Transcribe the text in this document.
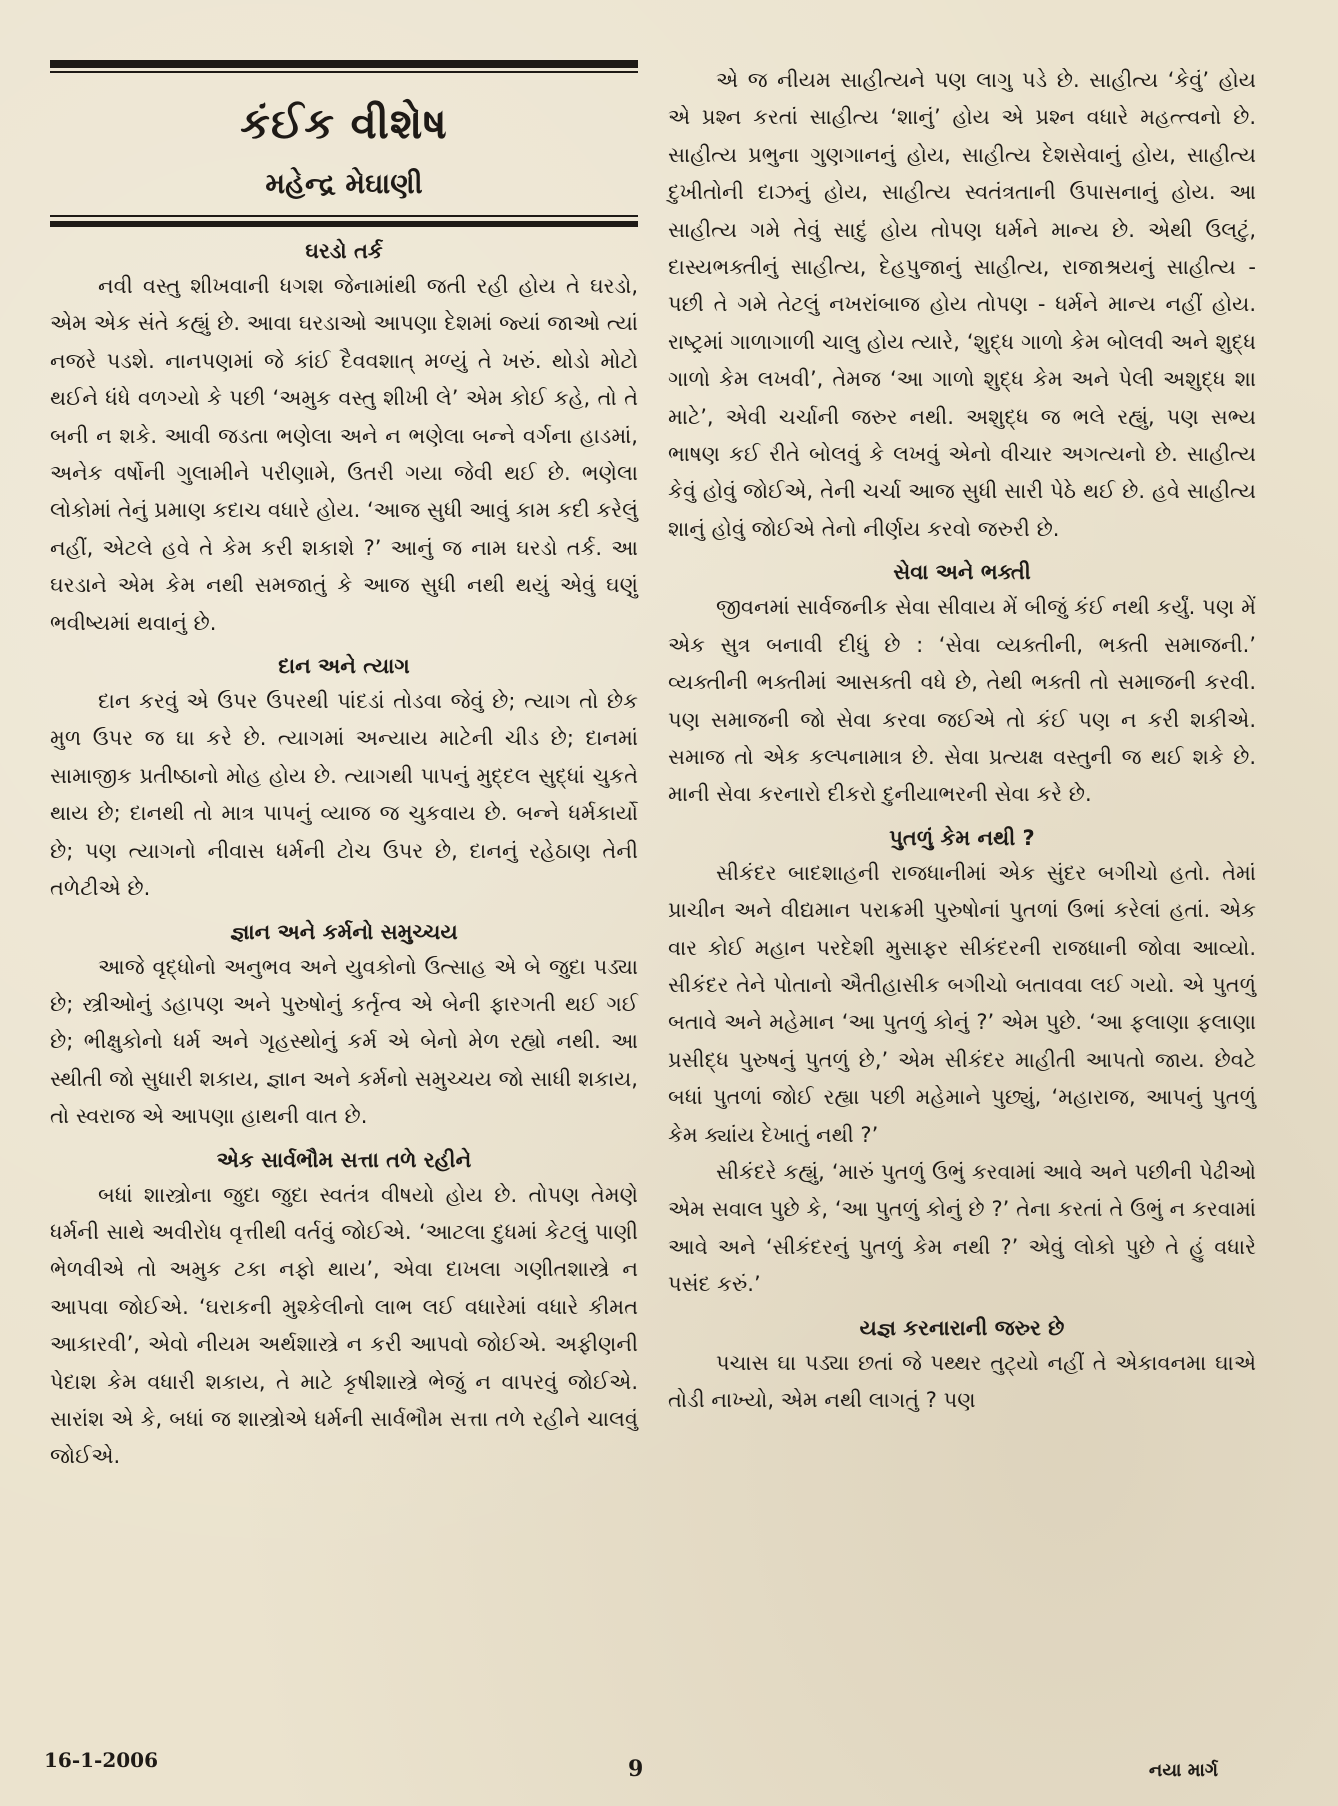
કંઈક વીશેષ
મહેન્દ્ર મેઘાણી
ઘરડો તર્ક

નવી વસ્તુ શીખવાની ધગશ જેનામાંથી જતી રહી હોય તે ઘરડો, એમ એક સંતે કહ્યું છે. આવા ઘરડાઓ આપણા દેશમાં જ્યાં જાઓ ત્યાં નજરે પડશે. નાનપણમાં જે કાંઈ દૈવવશાત્ મળ્યું તે ખરું. થોડો મોટો થઈને ધંધે વળગ્યો કે પછી ‘અમુક વસ્તુ શીખી લે’ એમ કોઈ કહે, તો તે બની ન શકે. આવી જડતા ભણેલા અને ન ભણેલા બન્ને વર્ગના હાડમાં, અનેક વર્ષોની ગુલામીને પરીણામે, ઉતરી ગયા જેવી થઈ છે. ભણેલા લોકોમાં તેનું પ્રમાણ કદાચ વધારે હોય. ‘આજ સુધી આવું કામ કદી કરેલું નહીં, એટલે હવે તે કેમ કરી શકાશે ?’ આનું જ નામ ઘરડો તર્ક. આ ઘરડાને એમ કેમ નથી સમજાતું કે આજ સુધી નથી થયું એવું ઘણું ભવીષ્યમાં થવાનું છે.

દાન અને ત્યાગ

દાન કરવું એ ઉપર ઉપરથી પાંદડાં તોડવા જેવું છે; ત્યાગ તો છેક મુળ ઉપર જ ઘા કરે છે. ત્યાગમાં અન્યાય માટેની ચીડ છે; દાનમાં સામાજીક પ્રતીષ્ઠાનો મોહ હોય છે. ત્યાગથી પાપનું મુદ્દલ સુદ્ધાં ચુકતે થાય છે; દાનથી તો માત્ર પાપનું વ્યાજ જ ચુકવાય છે. બન્ને ધર્મકાર્યો છે; પણ ત્યાગનો નીવાસ ધર્મની ટોચ ઉપર છે, દાનનું રહેઠાણ તેની તળેટીએ છે.

જ્ઞાન અને કર્મનો સમુચ્ચય

આજે વૃદ્ધોનો અનુભવ અને યુવકોનો ઉત્સાહ એ બે જુદા પડ્યા છે; સ્ત્રીઓનું ડહાપણ અને પુરુષોનું કર્તૃત્વ એ બેની ફારગતી થઈ ગઈ છે; ભીક્ષુકોનો ધર્મ અને ગૃહસ્થોનું કર્મ એ બેનો મેળ રહ્યો નથી. આ સ્થીતી જો સુધારી શકાય, જ્ઞાન અને કર્મનો સમુચ્ચય જો સાધી શકાય, તો સ્વરાજ એ આપણા હાથની વાત છે.

એક સાર્વભૌમ સત્તા તળે રહીને

બધાં શાસ્ત્રોના જુદા જુદા સ્વતંત્ર વીષયો હોય છે. તોપણ તેમણે ધર્મની સાથે અવીરોધ વૃત્તીથી વર્તવું જોઈએ. ‘આટલા દુધમાં કેટલું પાણી ભેળવીએ તો અમુક ટકા નફો થાય’, એવા દાખલા ગણીતશાસ્ત્રે ન આપવા જોઈએ. ‘ઘરાકની મુશ્કેલીનો લાભ લઈ વધારેમાં વધારે કીમત આકારવી’, એવો નીયમ અર્થશાસ્ત્રે ન કરી આપવો જોઈએ. અફીણની પેદાશ કેમ વધારી શકાય, તે માટે કૃષીશાસ્ત્રે ભેજું ન વાપરવું જોઈએ. સારાંશ એ કે, બધાં જ શાસ્ત્રોએ ધર્મની સાર્વભૌમ સત્તા તળે રહીને ચાલવું જોઈએ.

એ જ નીયમ સાહીત્યને પણ લાગુ પડે છે. સાહીત્ય ‘કેવું’ હોય એ પ્રશ્ન કરતાં સાહીત્ય ‘શાનું’ હોય એ પ્રશ્ન વધારે મહત્ત્વનો છે. સાહીત્ય પ્રભુના ગુણગાનનું હોય, સાહીત્ય દેશસેવાનું હોય, સાહીત્ય દુખીતોની દાઝનું હોય, સાહીત્ય સ્વતંત્રતાની ઉપાસનાનું હોય. આ સાહીત્ય ગમે તેવું સાદું હોય તોપણ ધર્મને માન્ય છે. એથી ઉલટું, દાસ્યભક્તીનું સાહીત્ય, દેહપુજાનું સાહીત્ય, રાજાશ્રયનું સાહીત્ય - પછી તે ગમે તેટલું નખરાંબાજ હોય તોપણ - ધર્મને માન્ય નહીં હોય. રાષ્ટ્રમાં ગાળાગાળી ચાલુ હોય ત્યારે, ‘શુદ્ધ ગાળો કેમ બોલવી અને શુદ્ધ ગાળો કેમ લખવી’, તેમજ ‘આ ગાળો શુદ્ધ કેમ અને પેલી અશુદ્ધ શા માટે’, એવી ચર્ચાની જરુર નથી. અશુદ્ધ જ ભલે રહ્યું, પણ સભ્ય ભાષણ કઈ રીતે બોલવું કે લખવું એનો વીચાર અગત્યનો છે. સાહીત્ય કેવું હોવું જોઈએ, તેની ચર્ચા આજ સુધી સારી પેઠે થઈ છે. હવે સાહીત્ય શાનું હોવું જોઈએ તેનો નીર્ણય કરવો જરુરી છે.

સેવા અને ભક્તી

જીવનમાં સાર્વજનીક સેવા સીવાય મેં બીજું કંઈ નથી કર્યું. પણ મેં એક સુત્ર બનાવી દીધું છે : ‘સેવા વ્યક્તીની, ભક્તી સમાજની.’ વ્યક્તીની ભક્તીમાં આસક્તી વધે છે, તેથી ભક્તી તો સમાજની કરવી. પણ સમાજની જો સેવા કરવા જઈએ તો કંઈ પણ ન કરી શકીએ. સમાજ તો એક કલ્પનામાત્ર છે. સેવા પ્રત્યક્ષ વસ્તુની જ થઈ શકે છે. માની સેવા કરનારો દીકરો દુનીયાભરની સેવા કરે છે.

પુતળું કેમ નથી ?

સીકંદર બાદશાહની રાજધાનીમાં એક સુંદર બગીચો હતો. તેમાં પ્રાચીન અને વીદ્યમાન પરાક્રમી પુરુષોનાં પુતળાં ઉભાં કરેલાં હતાં. એક વાર કોઈ મહાન પરદેશી મુસાફર સીકંદરની રાજધાની જોવા આવ્યો. સીકંદર તેને પોતાનો ઐતીહાસીક બગીચો બતાવવા લઈ ગયો. એ પુતળું બતાવે અને મહેમાન ‘આ પુતળું કોનું ?’ એમ પુછે. ‘આ ફલાણા ફલાણા પ્રસીદ્ધ પુરુષનું પુતળું છે,’ એમ સીકંદર માહીતી આપતો જાય. છેવટે બધાં પુતળાં જોઈ રહ્યા પછી મહેમાને પુછ્યું, ‘મહારાજ, આપનું પુતળું કેમ ક્યાંય દેખાતું નથી ?’

સીકંદરે કહ્યું, ‘મારું પુતળું ઉભું કરવામાં આવે અને પછીની પેઢીઓ એમ સવાલ પુછે કે, ‘આ પુતળું કોનું છે ?’ તેના કરતાં તે ઉભું ન કરવામાં આવે અને ‘સીકંદરનું પુતળું કેમ નથી ?’ એવું લોકો પુછે તે હું વધારે પસંદ કરું.’

યજ્ઞ કરનારાની જરુર છે

પચાસ ઘા પડ્યા છતાં જે પથ્થર તુટ્યો નહીં તે એકાવનમા ઘાએ તોડી નાખ્યો, એમ નથી લાગતું ? પણ

16-1-2006	9	નયા માર્ગ
